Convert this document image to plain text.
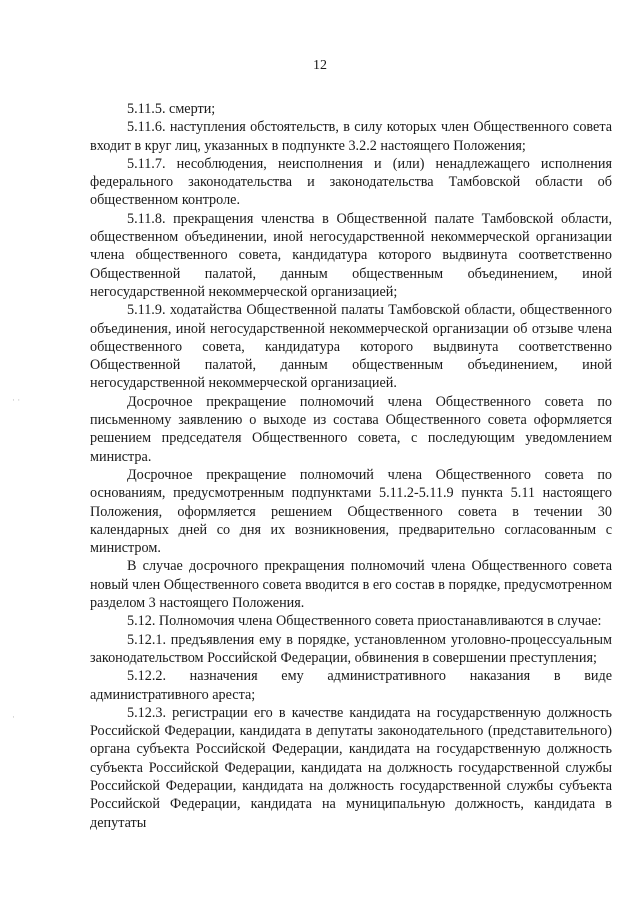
12
· ·
·

5.11.5. смерти;

5.11.6. наступления обстоятельств, в силу которых член Общественного совета входит в круг лиц, указанных в подпункте 3.2.2 настоящего Положения;

5.11.7. несоблюдения, неисполнения и (или) ненадлежащего исполнения федерального законодательства и законодательства Тамбовской области об общественном контроле.

5.11.8. прекращения членства в Общественной палате Тамбовской области, общественном объединении, иной негосударственной некоммерческой организации члена общественного совета, кандидатура которого выдвинута соответственно Общественной палатой, данным общественным объединением, иной негосударственной некоммерческой организацией;

5.11.9. ходатайства Общественной палаты Тамбовской области, общественного объединения, иной негосударственной некоммерческой организации об отзыве члена общественного совета, кандидатура которого выдвинута соответственно Общественной палатой, данным общественным объединением, иной негосударственной некоммерческой организацией.

Досрочное прекращение полномочий члена Общественного совета по письменному заявлению о выходе из состава Общественного совета оформляется решением председателя Общественного совета, с последующим уведомлением министра.

Досрочное прекращение полномочий члена Общественного совета по основаниям, предусмотренным подпунктами 5.11.2-5.11.9 пункта 5.11 настоящего Положения, оформляется решением Общественного совета в течении 30 календарных дней со дня их возникновения, предварительно согласованным с министром.

В случае досрочного прекращения полномочий члена Общественного совета новый член Общественного совета вводится в его состав в порядке, предусмотренном разделом 3 настоящего Положения.

5.12. Полномочия члена Общественного совета приостанавливаются в случае:

5.12.1. предъявления ему в порядке, установленном уголовно-процессуальным законодательством Российской Федерации, обвинения в совершении преступления;

5.12.2. назначения ему административного наказания в виде административного ареста;

5.12.3. регистрации его в качестве кандидата на государственную должность Российской Федерации, кандидата в депутаты законодательного (представительного) органа субъекта Российской Федерации, кандидата на государственную должность субъекта Российской Федерации, кандидата на должность государственной службы Российской Федерации, кандидата на должность государственной службы субъекта Российской Федерации, кандидата на муниципальную должность, кандидата в депутаты
